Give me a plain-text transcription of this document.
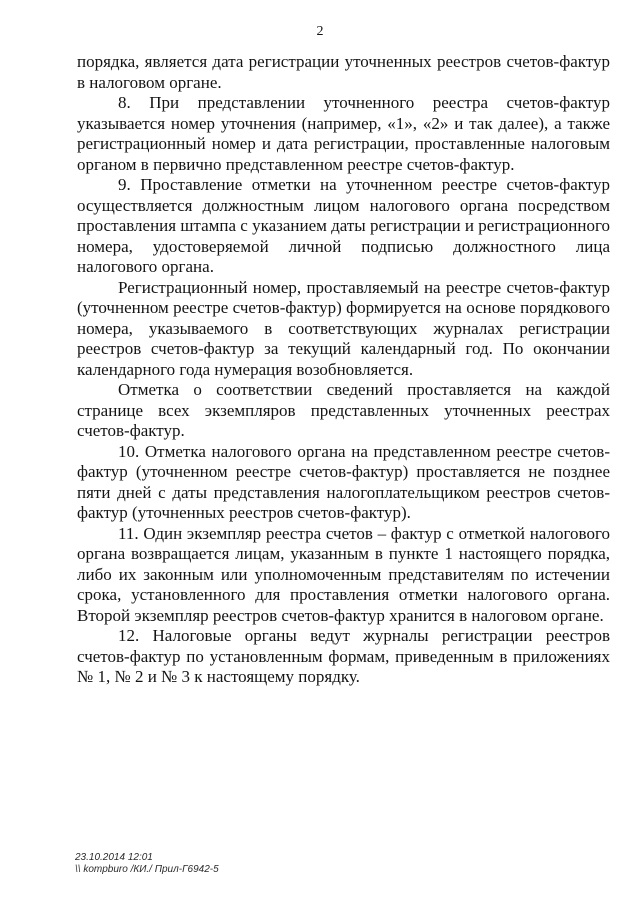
2

порядка, является дата регистрации уточненных реестров счетов-фактур в налоговом органе.

8. При представлении уточненного реестра счетов-фактур указывается номер уточнения (например, «1», «2» и так далее), а также регистрационный номер и дата регистрации, проставленные налоговым органом в первично представленном реестре счетов-фактур.

9. Проставление отметки на уточненном реестре счетов-фактур осуществляется должностным лицом налогового органа посредством проставления штампа с указанием даты регистрации и регистрационного номера, удостоверяемой личной подписью должностного лица налогового органа.

Регистрационный номер, проставляемый на реестре счетов-фактур (уточненном реестре счетов-фактур) формируется на основе порядкового номера, указываемого в соответствующих журналах регистрации реестров счетов-фактур за текущий календарный год. По окончании календарного года нумерация возобновляется.

Отметка о соответствии сведений проставляется на каждой странице всех экземпляров представленных уточненных реестрах счетов-фактур.

10. Отметка налогового органа на представленном реестре счетов-фактур (уточненном реестре счетов-фактур) проставляется не позднее пяти дней с даты представления налогоплательщиком реестров счетов-фактур (уточненных реестров счетов-фактур).

11. Один экземпляр реестра счетов – фактур с отметкой налогового органа возвращается лицам, указанным в пункте 1 настоящего порядка, либо их законным или уполномоченным представителям по истечении срока, установленного для проставления отметки налогового органа. Второй экземпляр реестров счетов-фактур хранится в налоговом органе.

12. Налоговые органы ведут журналы регистрации реестров счетов-фактур по установленным формам, приведенным в приложениях № 1, № 2 и № 3 к настоящему порядку.

23.10.2014 12:01
\\ kompburo /КИ./ Прил-Г6942-5
